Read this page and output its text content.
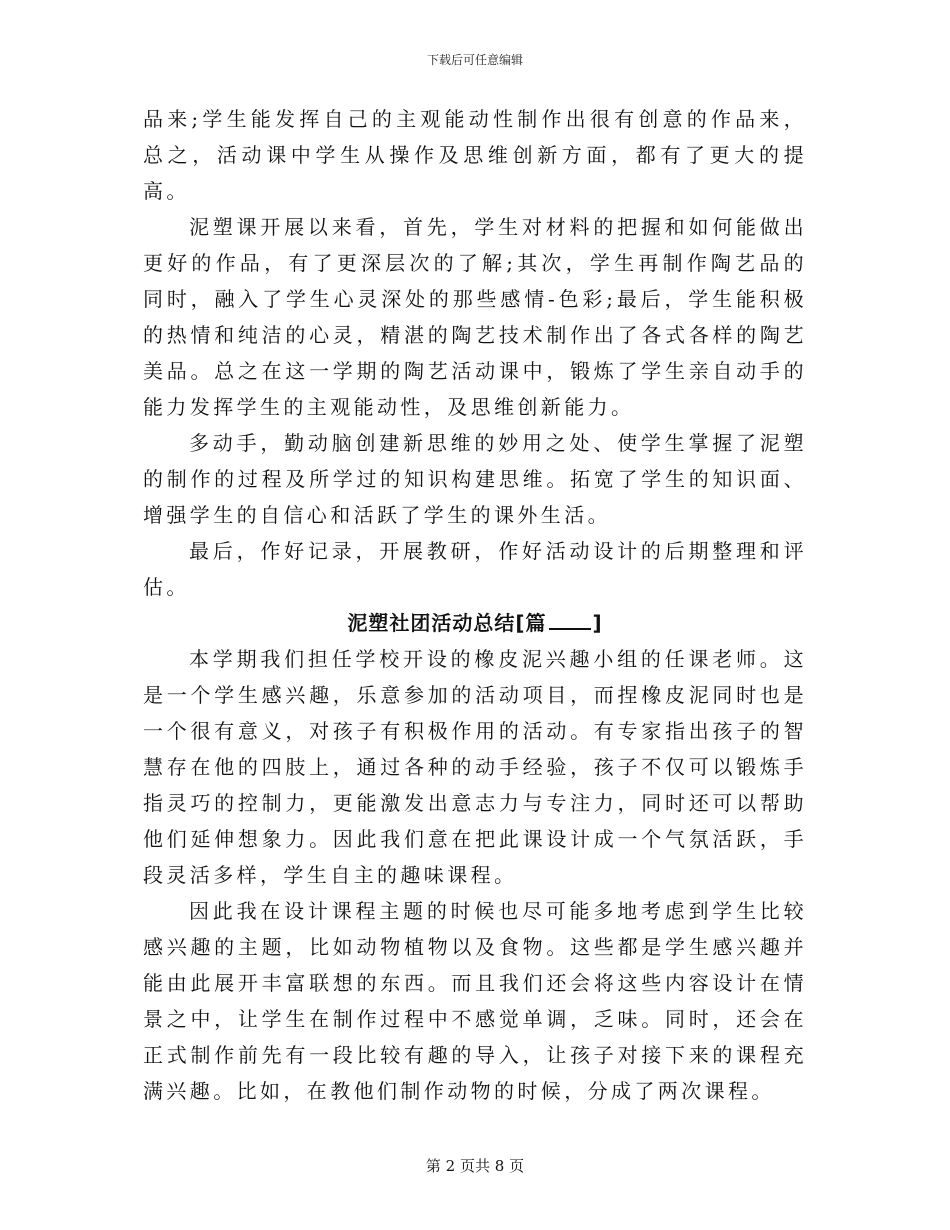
下载后可任意编辑

品来;学生能发挥自己的主观能动性制作出很有创意的作品来，总之，活动课中学生从操作及思维创新方面，都有了更大的提高。

泥塑课开展以来看，首先，学生对材料的把握和如何能做出更好的作品，有了更深层次的了解;其次，学生再制作陶艺品的同时，融入了学生心灵深处的那些感情-色彩;最后，学生能积极的热情和纯洁的心灵，精湛的陶艺技术制作出了各式各样的陶艺美品。总之在这一学期的陶艺活动课中，锻炼了学生亲自动手的能力发挥学生的主观能动性，及思维创新能力。

多动手，勤动脑创建新思维的妙用之处、使学生掌握了泥塑的制作的过程及所学过的知识构建思维。拓宽了学生的知识面、增强学生的自信心和活跃了学生的课外生活。

最后，作好记录，开展教研，作好活动设计的后期整理和评估。

泥塑社团活动总结[篇 ]

本学期我们担任学校开设的橡皮泥兴趣小组的任课老师。这是一个学生感兴趣，乐意参加的活动项目，而捏橡皮泥同时也是一个很有意义，对孩子有积极作用的活动。有专家指出孩子的智慧存在他的四肢上，通过各种的动手经验，孩子不仅可以锻炼手指灵巧的控制力，更能激发出意志力与专注力，同时还可以帮助他们延伸想象力。因此我们意在把此课设计成一个气氛活跃，手段灵活多样，学生自主的趣味课程。

因此我在设计课程主题的时候也尽可能多地考虑到学生比较感兴趣的主题，比如动物植物以及食物。这些都是学生感兴趣并能由此展开丰富联想的东西。而且我们还会将这些内容设计在情景之中，让学生在制作过程中不感觉单调，乏味。同时，还会在正式制作前先有一段比较有趣的导入，让孩子对接下来的课程充满兴趣。比如，在教他们制作动物的时候，分成了两次课程。

第 2 页共 8 页
